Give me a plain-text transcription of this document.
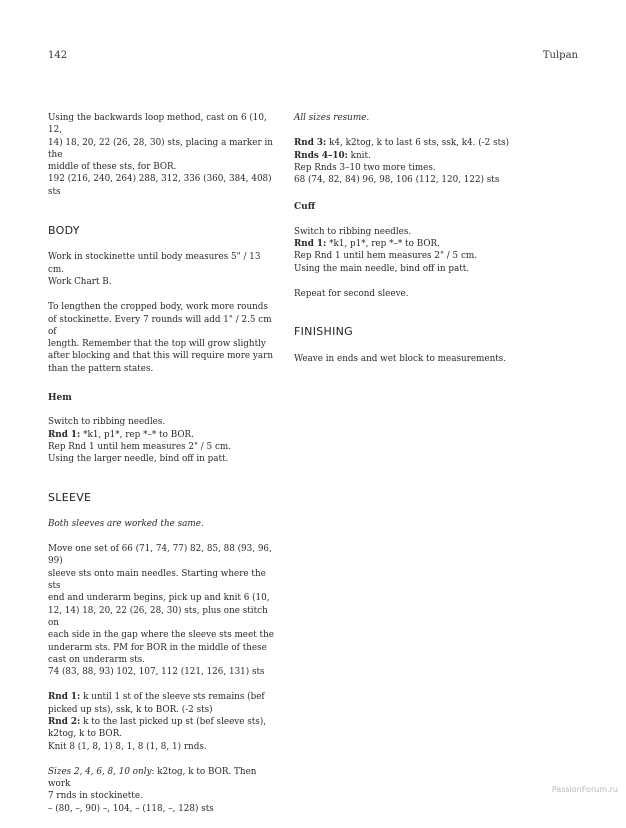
142	Tulpan

Using the backwards loop method, cast on 6 (10, 12,

14) 18, 20, 22 (26, 28, 30) sts, placing a marker in the

middle of these sts, for BOR.

192 (216, 240, 264) 288, 312, 336 (360, 384, 408) sts

BODY

Work in stockinette until body measures 5" / 13 cm.

Work Chart B.

To lengthen the cropped body, work more rounds

of stockinette. Every 7 rounds will add 1" / 2.5 cm of

length. Remember that the top will grow slightly

after blocking and that this will require more yarn

than the pattern states.

Hem

Switch to ribbing needles.

Rnd 1: *k1, p1*, rep *–* to BOR.

Rep Rnd 1 until hem measures 2" / 5 cm.

Using the larger needle, bind off in patt.

SLEEVE

Both sleeves are worked the same.

Move one set of 66 (71, 74, 77) 82, 85, 88 (93, 96, 99)

sleeve sts onto main needles. Starting where the sts

end and underarm begins, pick up and knit 6 (10,

12, 14) 18, 20, 22 (26, 28, 30) sts, plus one stitch on

each side in the gap where the sleeve sts meet the

underarm sts. PM for BOR in the middle of these

cast on underarm sts.

74 (83, 88, 93) 102, 107, 112 (121, 126, 131) sts

Rnd 1: k until 1 st of the sleeve sts remains (bef

picked up sts), ssk, k to BOR. (-2 sts)

Rnd 2: k to the last picked up st (bef sleeve sts),

k2tog, k to BOR.

Knit 8 (1, 8, 1) 8, 1, 8 (1, 8, 1) rnds.

Sizes 2, 4, 6, 8, 10 only: k2tog, k to BOR. Then work

7 rnds in stockinette.

– (80, –, 90) –, 104, – (118, –, 128) sts

All sizes resume.

Rnd 3: k4, k2tog, k to last 6 sts, ssk, k4. (-2 sts)

Rnds 4–10: knit.

Rep Rnds 3–10 two more times.

68 (74, 82, 84) 96, 98, 106 (112, 120, 122) sts

Cuff

Switch to ribbing needles.

Rnd 1: *k1, p1*, rep *–* to BOR.

Rep Rnd 1 until hem measures 2" / 5 cm.

Using the main needle, bind off in patt.

Repeat for second sleeve.

FINISHING

Weave in ends and wet block to measurements.

PassionForum.ru
